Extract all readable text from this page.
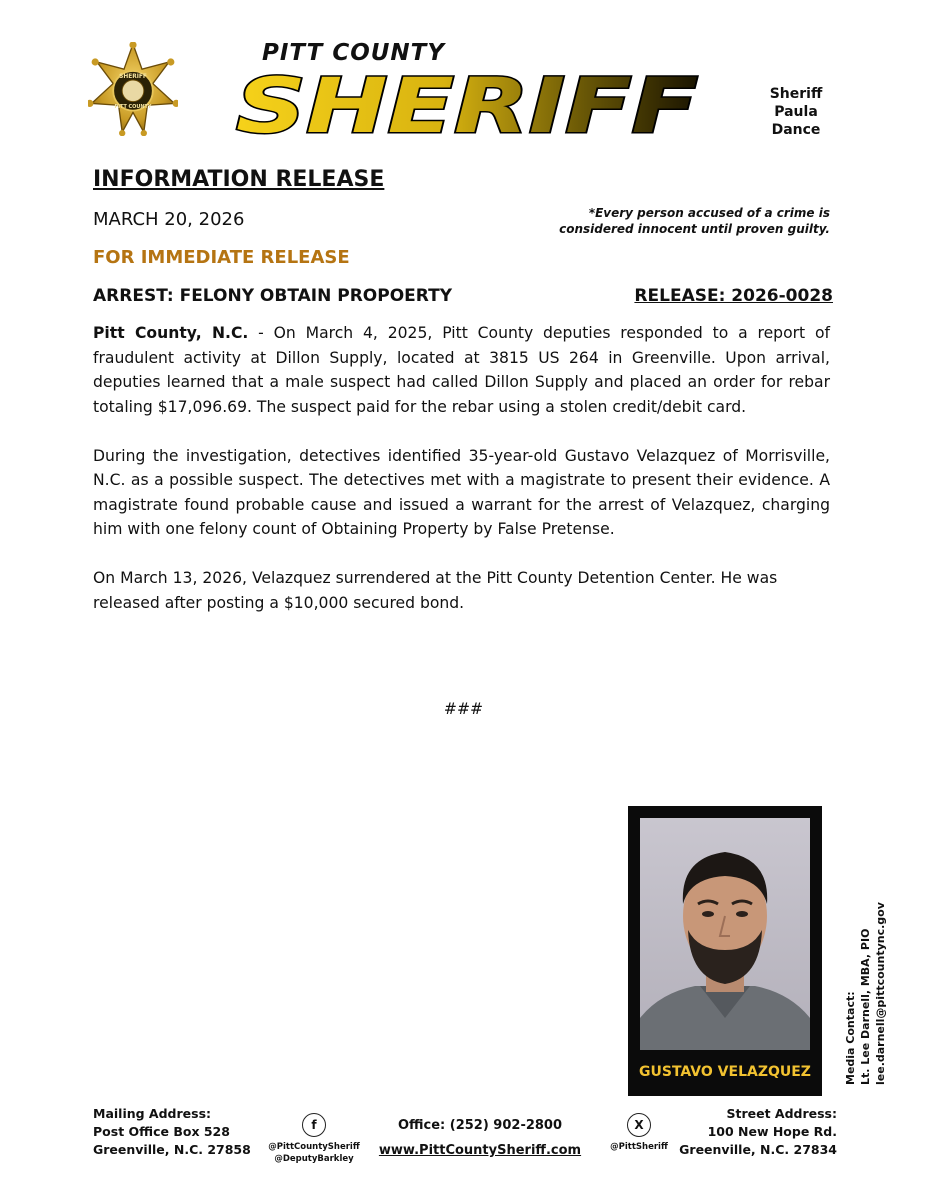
SHERIFF
PITT COUNTY
PITT COUNTY
SHERIFF	Sheriff
Paula
Dance
INFORMATION RELEASE
MARCH 20, 2026	*Every person accused of a crime is
considered innocent until proven guilty.
FOR IMMEDIATE RELEASE
ARREST: FELONY OBTAIN PROPOERTY	RELEASE: 2026-0028

Pitt County, N.C. - On March 4, 2025, Pitt County deputies responded to a report of fraudulent activity at Dillon Supply, located at 3815 US 264 in Greenville. Upon arrival, deputies learned that a male suspect had called Dillon Supply and placed an order for rebar totaling $17,096.69. The suspect paid for the rebar using a stolen credit/debit card.

During the investigation, detectives identified 35-year-old Gustavo Velazquez of Morrisville, N.C. as a possible suspect. The detectives met with a magistrate to present their evidence. A magistrate found probable cause and issued a warrant for the arrest of Velazquez, charging him with one felony count of Obtaining Property by False Pretense.

On March 13, 2026, Velazquez surrendered at the Pitt County Detention Center. He was released after posting a $10,000 secured bond.

###
GUSTAVO VELAZQUEZ	Media Contact: Lt. Lee Darnell, MBA, PIO lee.darnell@pittcountync.gov
Mailing Address:
Post Office Box 528
Greenville, N.C. 27858
f
@PittCountySheriff
@DeputyBarkley
Office: (252) 902-2800
www.PittCountySheriff.com
X
@PittSheriff
Street Address:
100 New Hope Rd.
Greenville, N.C. 27834
